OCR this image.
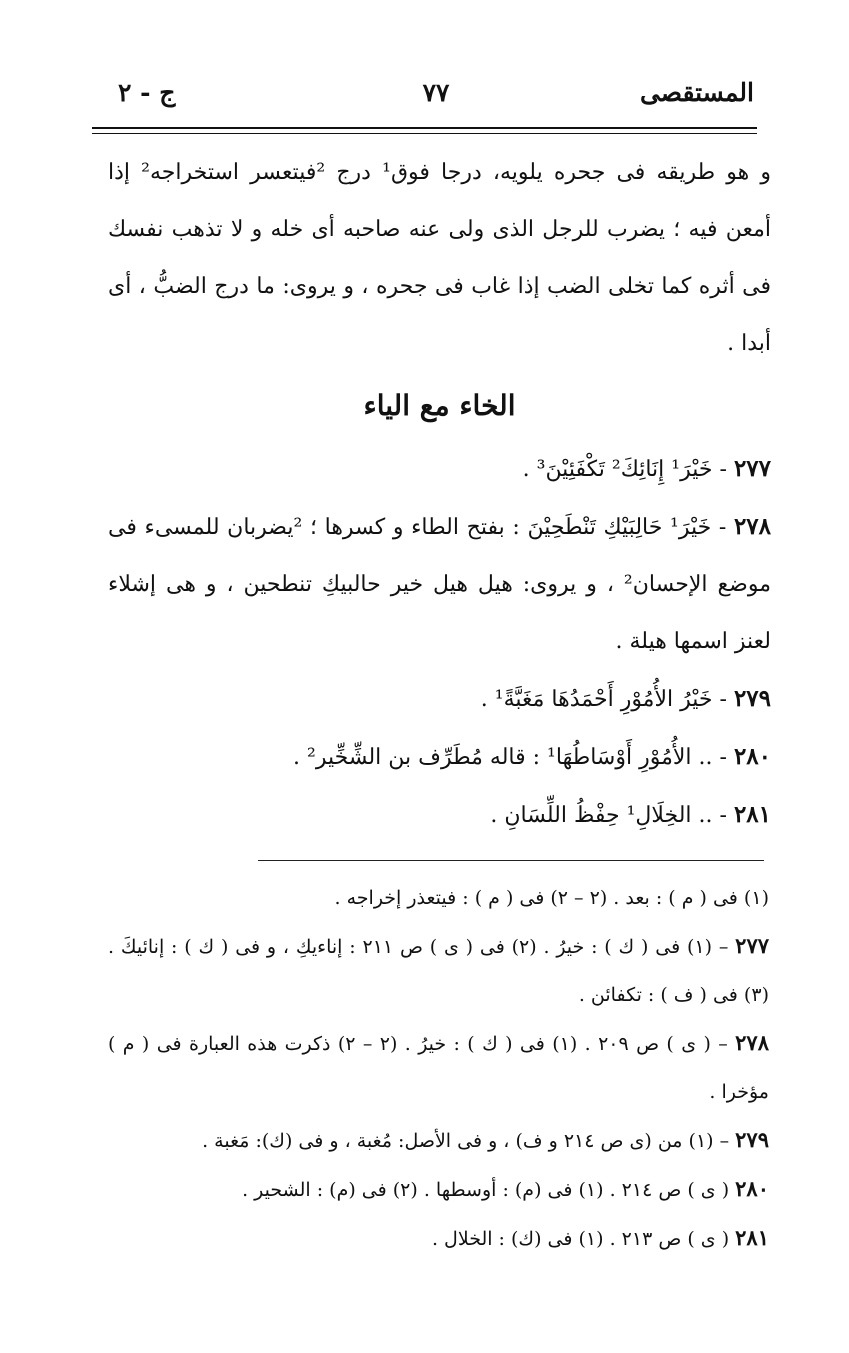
المستقصى
٧٧
ج - ٢

و هو طريقه فى جحره يلويه، درجا فوق¹ درج ²فيتعسر استخراجه² إذا أمعن فيه ؛ يضرب للرجل الذى ولى عنه صاحبه أى خله و لا تذهب نفسك فى أثره كما تخلى الضب إذا غاب فى جحره ، و يروى: ما درج الضبُّ ، أى أبدا .

الخاء مع الياء

٢٧٧ - خَيْرَ¹ إِنَائِكَ² تَكْفَئِيْنَ³ .

٢٧٨ - خَيْرَ¹ حَالِبَيْكِ تَنْطَحِيْنَ : بفتح الطاء و كسرها ؛ ²يضربان للمسىء فى موضع الإحسان² ، و يروى: هيل هيل خير حالبيكِ تنطحين ، و هى إشلاء لعنز اسمها هيلة .

٢٧٩ - خَيْرُ الأُمُوْرِ أَحْمَدُهَا مَغَبَّةً¹ .

٢٨٠ - .. الأُمُوْرِ أَوْسَاطُهَا¹ : قاله مُطَرِّف بن الشِّخِّير² .

٢٨١ - .. الخِلَالِ¹ حِفْظُ اللِّسَانِ .

(١) فى ( م ) : بعد . (٢ – ٢) فى ( م ) : فيتعذر إخراجه .

٢٧٧ – (١) فى ( ك ) : خيرُ . (٢) فى ( ى ) ص ٢١١ : إناءيكِ ، و فى ( ك ) : إنائيكَ . (٣) فى ( ف ) : تكفائن .

٢٧٨ – ( ى ) ص ٢٠٩ . (١) فى ( ك ) : خيرُ . (٢ – ٢) ذكرت هذه العبارة فى ( م ) مؤخرا .

٢٧٩ – (١) من (ى ص ٢١٤ و ف) ، و فى الأصل: مُغبة ، و فى (ك): مَغبة .

٢٨٠ ( ى ) ص ٢١٤ . (١) فى (م) : أوسطها . (٢) فى (م) : الشحير .

٢٨١ ( ى ) ص ٢١٣ . (١) فى (ك) : الخلال .
